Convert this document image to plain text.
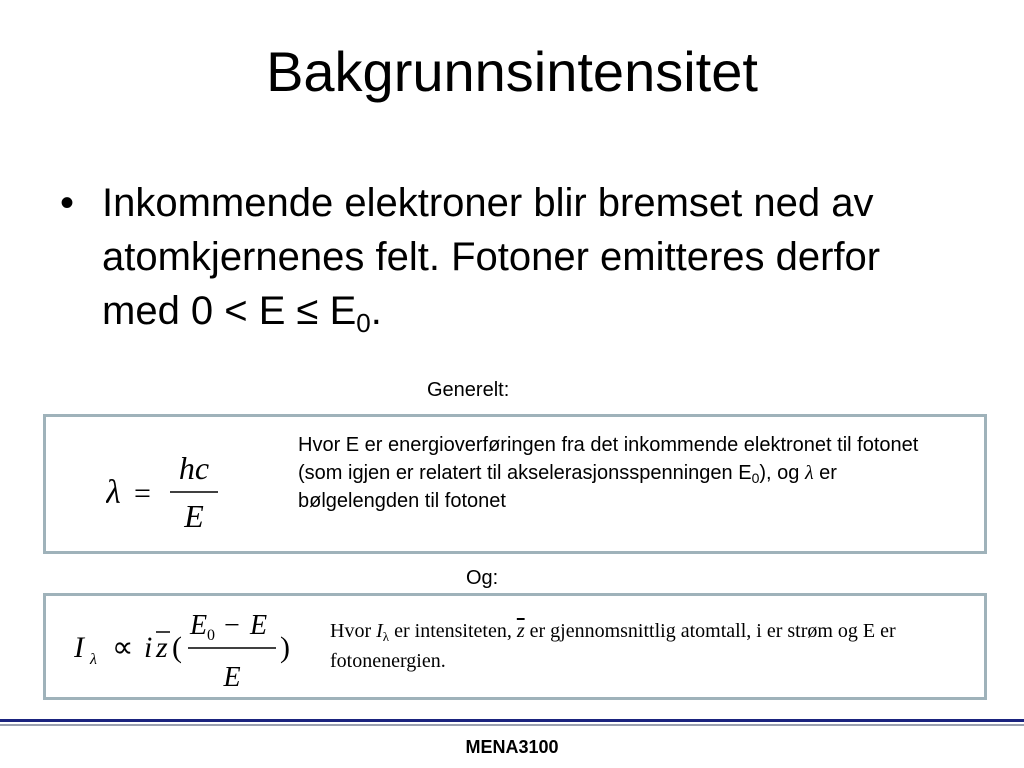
Bakgrunnsintensitet
• Inkommende elektroner blir bremset ned av atomkjernenes felt. Fotoner emitteres derfor med $0 < E \le E_0$.
Generelt:
λ =
hc
E
Hvor E er energioverføringen fra det inkommende elektronet til fotonet (som igjen er relatert til akselerasjonsspenningen $E_0$), og λ er bølgelengden til fotonet
Og:
I λ ∝ i z (
E 0 − E
E
) Hvor $I_\lambda$ er intensiteten, $\overline{z}$ er gjennomsnittlig atomtall, i er strøm og E er fotonenergien.
MENA3100
